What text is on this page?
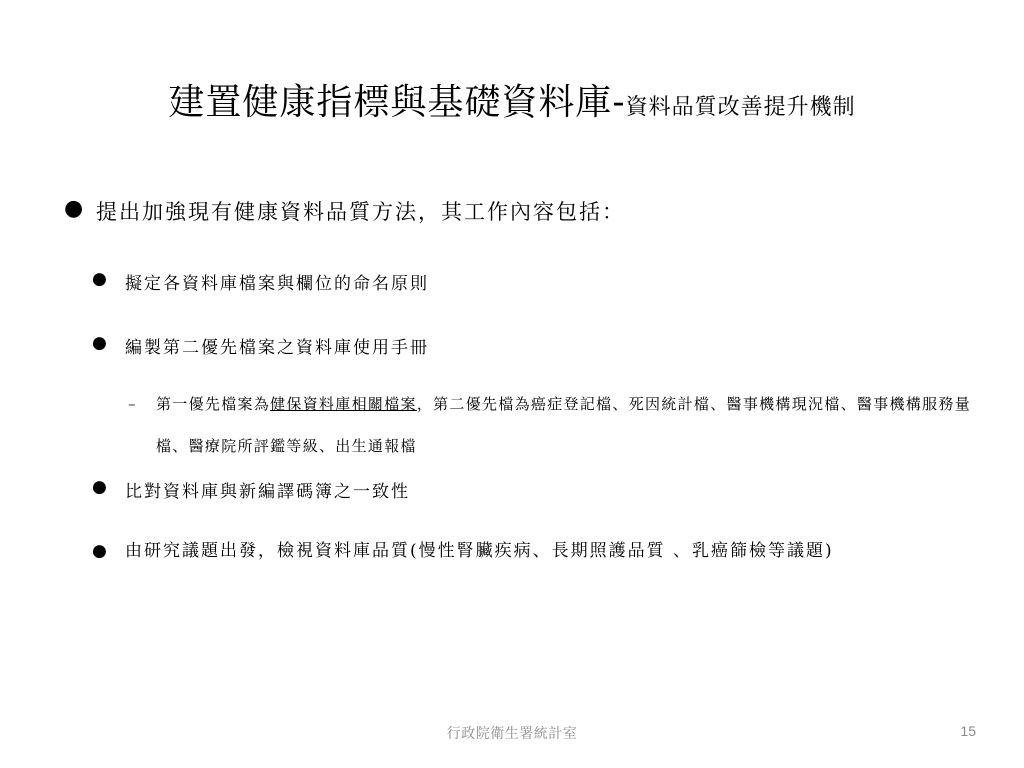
建置健康指標與基礎資料庫-資料品質改善提升機制
● 提出加強現有健康資料品質方法，其工作內容包括：
● 擬定各資料庫檔案與欄位的命名原則
● 編製第二優先檔案之資料庫使用手冊
–	第一優先檔案為健保資料庫相關檔案，第二優先檔為癌症登記檔、死因統計檔、醫事機構現況檔、醫事機構服務量檔、醫療院所評鑑等級、出生通報檔
● 比對資料庫與新編譯碼簿之一致性
● 由研究議題出發，檢視資料庫品質(慢性腎臟疾病、長期照護品質 、乳癌篩檢等議題)
行政院衛生署統計室	15
